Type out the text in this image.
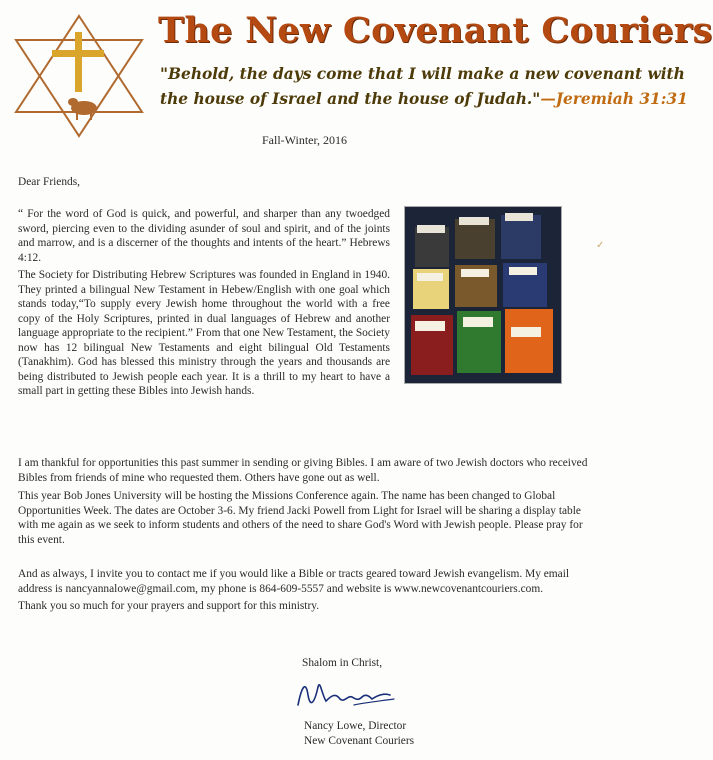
The New Covenant Couriers
"Behold, the days come that I will make a new covenant with
the house of Israel and the house of Judah."—Jeremiah 31:31
Fall-Winter, 2016
Dear Friends,

“ For the word of God is quick, and powerful, and sharper than any twoedged sword, piercing even to the dividing asunder of soul and spirit, and of the joints and marrow, and is a discerner of the thoughts and intents of the heart.” Hebrews 4:12.

The Society for Distributing Hebrew Scriptures was founded in England in 1940. They printed a bilingual New Testament in Hebew/English with one goal which stands today,“To supply every Jewish home throughout the world with a free copy of the Holy Scriptures, printed in dual languages of Hebrew and another language appropriate to the recipient.” From that one New Testament, the Society now has 12 bilingual New Testaments and eight bilingual Old Testaments (Tanakhim). God has blessed this ministry through the years and thousands are being distributed to Jewish people each year. It is a thrill to my heart to have a small part in getting these Bibles into Jewish hands.

✓

I am thankful for opportunities this past summer in sending or giving Bibles. I am aware of two Jewish doctors who received Bibles from friends of mine who requested them. Others have gone out as well.

This year Bob Jones University will be hosting the Missions Conference again. The name has been changed to Global Opportunities Week. The dates are October 3-6. My friend Jacki Powell from Light for Israel will be sharing a display table with me again as we seek to inform students and others of the need to share God's Word with Jewish people. Please pray for this event.

And as always, I invite you to contact me if you would like a Bible or tracts geared toward Jewish evangelism. My email address is nancyannalowe@gmail.com, my phone is 864-609-5557 and website is www.newcovenantcouriers.com.

Thank you so much for your prayers and support for this ministry.

Shalom in Christ,
Nancy Lowe, Director
New Covenant Couriers
